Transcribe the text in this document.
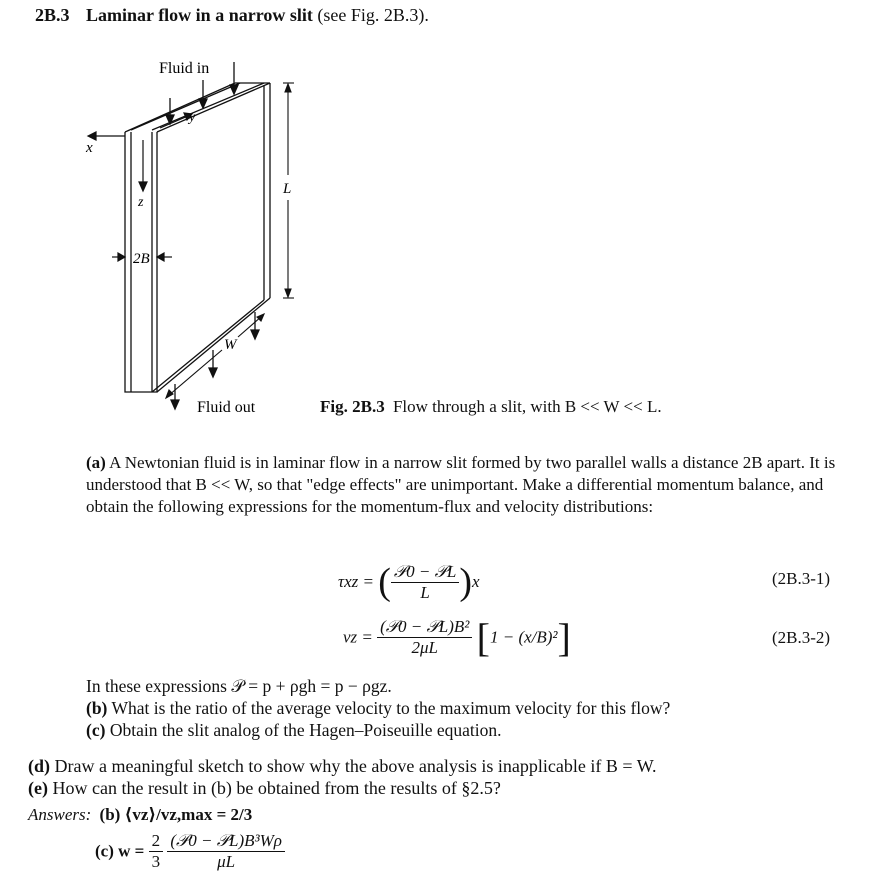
2B.3 Laminar flow in a narrow slit (see Fig. 2B.3).
Fluid in
Fluid out
x
y
z
2B
L
W
Fig. 2B.3 Flow through a slit, with B << W << L.
(a) A Newtonian fluid is in laminar flow in a narrow slit formed by two parallel walls a distance 2B apart. It is understood that B << W, so that "edge effects" are unimportant. Make a differential momentum balance, and obtain the following expressions for the momentum-flux and velocity distributions:
τxz = ( $\frac{\text{𝒫0 − 𝒫L}}{L} )x$	(2B.3-1)
vz = $\frac{\text{(𝒫0 − 𝒫L)B²}}{2\mu L} [1 - (x/B)^2]$	(2B.3-2)
In these expressions 𝒫 = p + ρgh = p − ρgz.
(b) What is the ratio of the average velocity to the maximum velocity for this flow?
(c) Obtain the slit analog of the Hagen–Poiseuille equation.
(d) Draw a meaningful sketch to show why the above analysis is inapplicable if B = W.
(e) How can the result in (b) be obtained from the results of §2.5?
Answers: (b) ⟨vz⟩/vz,max = 2/3
(c) $w = \frac{2}{3}$
$\frac{\text{(𝒫0 − 𝒫L)B³Wρ}}{\mu L}$
